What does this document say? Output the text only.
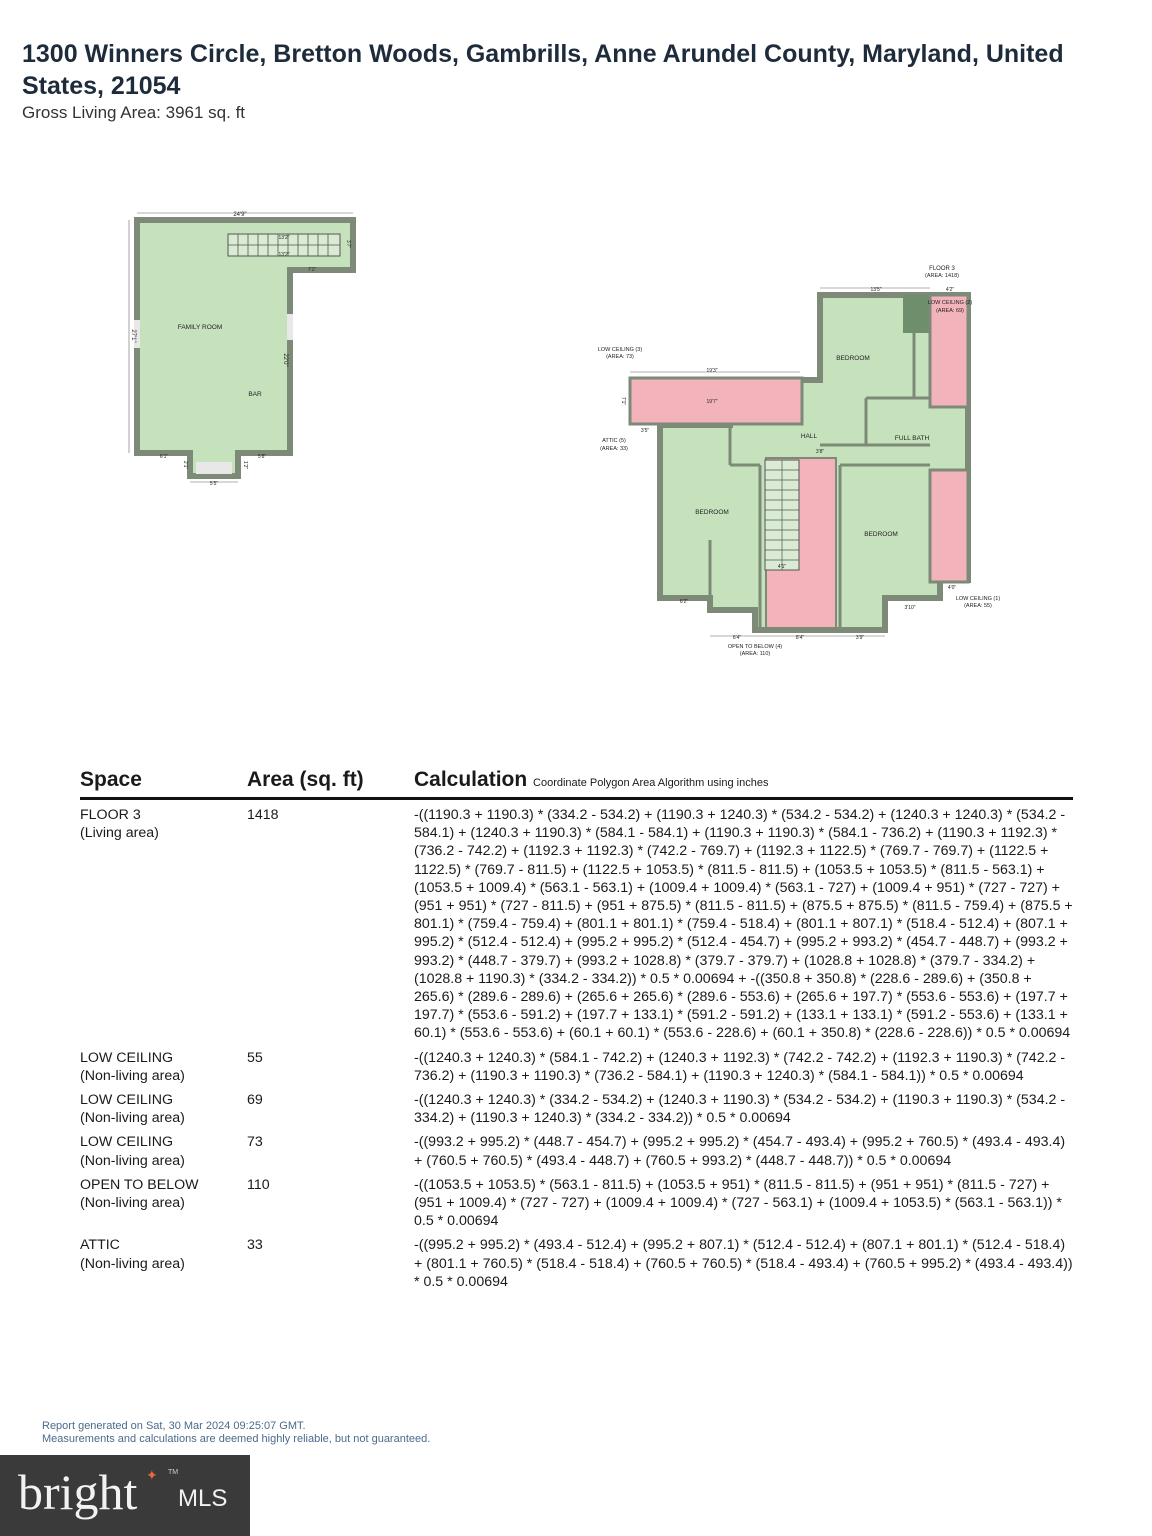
1300 Winners Circle, Bretton Woods, Gambrills, Anne Arundel County, Maryland, United States, 21054
Gross Living Area: 3961 sq. ft
FAMILY ROOM
BAR
24'9"
13'2"
13'2"
7'1"
27'1"
22'0"
3'7"
6'1"	5'8"
5'5"
2'1"	1'2"
FLOOR 3
(AREA: 1418)
LOW CEILING (2)
(AREA: 69)
LOW CEILING (3)
(AREA: 73)
ATTIC (5)
(AREA: 33)
LOW CEILING (1)
(AREA: 55)
OPEN TO BELOW (4)
(AREA: 110)
BEDROOM
BEDROOM
BEDROOM
HALL	FULL BATH
13'5"	4'2"
19'3"
19'7"
7'1"
3'5"
6'4"	8'4"	3'9"
3'10"
4'0"
3'8"
4'1"
6'2"
Space	Area (sq. ft)	Calculation Coordinate Polygon Area Algorithm using inches
FLOOR 3
(Living area)
1418	-((1190.3 + 1190.3) * (334.2 - 534.2) + (1190.3 + 1240.3) * (534.2 - 534.2) + (1240.3 + 1240.3) * (534.2 - 584.1) + (1240.3 + 1190.3) * (584.1 - 584.1) + (1190.3 + 1190.3) * (584.1 - 736.2) + (1190.3 + 1192.3) * (736.2 - 742.2) + (1192.3 + 1192.3) * (742.2 - 769.7) + (1192.3 + 1122.5) * (769.7 - 769.7) + (1122.5 + 1122.5) * (769.7 - 811.5) + (1122.5 + 1053.5) * (811.5 - 811.5) + (1053.5 + 1053.5) * (811.5 - 563.1) + (1053.5 + 1009.4) * (563.1 - 563.1) + (1009.4 + 1009.4) * (563.1 - 727) + (1009.4 + 951) * (727 - 727) + (951 + 951) * (727 - 811.5) + (951 + 875.5) * (811.5 - 811.5) + (875.5 + 875.5) * (811.5 - 759.4) + (875.5 + 801.1) * (759.4 - 759.4) + (801.1 + 801.1) * (759.4 - 518.4) + (801.1 + 807.1) * (518.4 - 512.4) + (807.1 + 995.2) * (512.4 - 512.4) + (995.2 + 995.2) * (512.4 - 454.7) + (995.2 + 993.2) * (454.7 - 448.7) + (993.2 + 993.2) * (448.7 - 379.7) + (993.2 + 1028.8) * (379.7 - 379.7) + (1028.8 + 1028.8) * (379.7 - 334.2) + (1028.8 + 1190.3) * (334.2 - 334.2)) * 0.5 * 0.00694 + -((350.8 + 350.8) * (228.6 - 289.6) + (350.8 + 265.6) * (289.6 - 289.6) + (265.6 + 265.6) * (289.6 - 553.6) + (265.6 + 197.7) * (553.6 - 553.6) + (197.7 + 197.7) * (553.6 - 591.2) + (197.7 + 133.1) * (591.2 - 591.2) + (133.1 + 133.1) * (591.2 - 553.6) + (133.1 + 60.1) * (553.6 - 553.6) + (60.1 + 60.1) * (553.6 - 228.6) + (60.1 + 350.8) * (228.6 - 228.6)) * 0.5 * 0.00694
LOW CEILING
(Non-living area)
55	-((1240.3 + 1240.3) * (584.1 - 742.2) + (1240.3 + 1192.3) * (742.2 - 742.2) + (1192.3 + 1190.3) * (742.2 - 736.2) + (1190.3 + 1190.3) * (736.2 - 584.1) + (1190.3 + 1240.3) * (584.1 - 584.1)) * 0.5 * 0.00694
LOW CEILING
(Non-living area)
69	-((1240.3 + 1240.3) * (334.2 - 534.2) + (1240.3 + 1190.3) * (534.2 - 534.2) + (1190.3 + 1190.3) * (534.2 - 334.2) + (1190.3 + 1240.3) * (334.2 - 334.2)) * 0.5 * 0.00694
LOW CEILING
(Non-living area)
73	-((993.2 + 995.2) * (448.7 - 454.7) + (995.2 + 995.2) * (454.7 - 493.4) + (995.2 + 760.5) * (493.4 - 493.4) + (760.5 + 760.5) * (493.4 - 448.7) + (760.5 + 993.2) * (448.7 - 448.7)) * 0.5 * 0.00694
OPEN TO BELOW
(Non-living area)
110	-((1053.5 + 1053.5) * (563.1 - 811.5) + (1053.5 + 951) * (811.5 - 811.5) + (951 + 951) * (811.5 - 727) + (951 + 1009.4) * (727 - 727) + (1009.4 + 1009.4) * (727 - 563.1) + (1009.4 + 1053.5) * (563.1 - 563.1)) * 0.5 * 0.00694
ATTIC
(Non-living area)
33	-((995.2 + 995.2) * (493.4 - 512.4) + (995.2 + 807.1) * (512.4 - 512.4) + (807.1 + 801.1) * (512.4 - 518.4) + (801.1 + 760.5) * (518.4 - 518.4) + (760.5 + 760.5) * (518.4 - 493.4) + (760.5 + 995.2) * (493.4 - 493.4)) * 0.5 * 0.00694
Report generated on Sat, 30 Mar 2024 09:25:07 GMT.
Measurements and calculations are deemed highly reliable, but not guaranteed.
bright ✦ TM
MLS
